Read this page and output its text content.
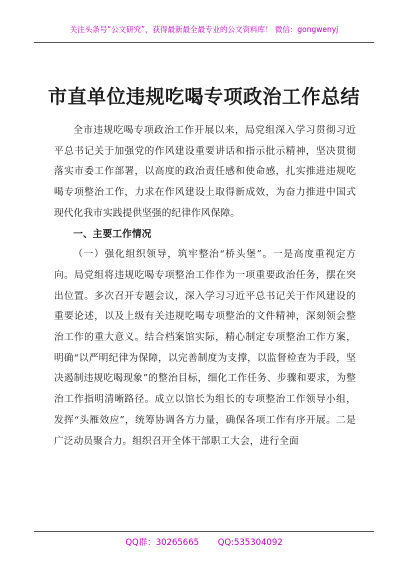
关注头条号“公文研究”，获得最新最全最专业的公文资料库！ 微信：gongwenyj
市直单位违规吃喝专项政治工作总结

全市违规吃喝专项政治工作开展以来，局党组深入学习贯彻习近平总书记关于加强党的作风建设重要讲话和指示批示精神，坚决贯彻落实市委工作部署，以高度的政治责任感和使命感，扎实推进违规吃喝专项整治工作，力求在作风建设上取得新成效，为奋力推进中国式现代化我市实践提供坚强的纪律作风保障。

一、主要工作情况

（一）强化组织领导，筑牢整治“桥头堡”。一是高度重视定方向。局党组将违规吃喝专项整治工作作为一项重要政治任务，摆在突出位置。多次召开专题会议，深入学习习近平总书记关于作风建设的重要论述，以及上级有关违规吃喝专项整治的文件精神，深刻领会整治工作的重大意义。结合档案馆实际，精心制定专项整治工作方案，明确“以严明纪律为保障，以完善制度为支撑，以监督检查为手段，坚决遏制违规吃喝现象”的整治目标，细化工作任务、步骤和要求，为整治工作指明清晰路径。成立以馆长为组长的专项整治工作领导小组，发挥“头雁效应”，统筹协调各方力量，确保各项工作有序开展。二是广泛动员聚合力。组织召开全体干部职工大会，进行全面

QQ群：30265665 QQ:535304092
